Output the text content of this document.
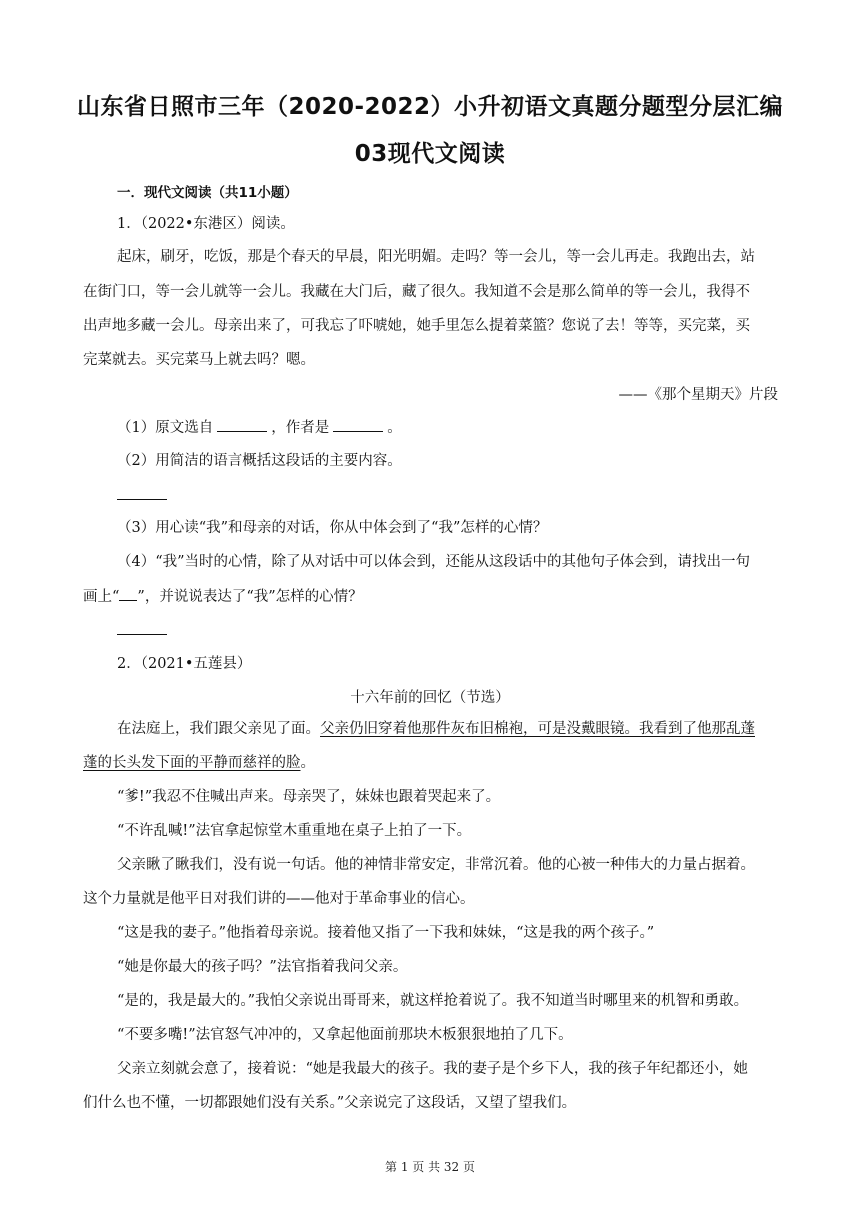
山东省日照市三年（2020-2022）小升初语文真题分题型分层汇编
03现代文阅读
一．现代文阅读（共11小题）
1．（2022•东港区）阅读。
起床，刷牙，吃饭，那是个春天的早晨，阳光明媚。走吗？等一会儿，等一会儿再走。我跑出去，站
在街门口，等一会儿就等一会儿。我藏在大门后，藏了很久。我知道不会是那么简单的等一会儿，我得不
出声地多藏一会儿。母亲出来了，可我忘了吓唬她，她手里怎么提着菜篮？您说了去！等等，买完菜，买
完菜就去。买完菜马上就去吗？嗯。
——《那个星期天》片段
（1）原文选自	，作者是	。
（2）用简洁的语言概括这段话的主要内容。
（3）用心读“我”和母亲的对话，你从中体会到了“我”怎样的心情？
（4）“我”当时的心情，除了从对话中可以体会到，还能从这段话中的其他句子体会到，请找出一句
画上“ ”，并说说表达了“我”怎样的心情？
2．（2021•五莲县）
十六年前的回忆（节选）
在法庭上，我们跟父亲见了面。父亲仍旧穿着他那件灰布旧棉袍，可是没戴眼镜。我看到了他那乱蓬
蓬的长头发下面的平静而慈祥的脸。
“爹!”我忍不住喊出声来。母亲哭了，妹妹也跟着哭起来了。
“不许乱喊!”法官拿起惊堂木重重地在桌子上拍了一下。
父亲瞅了瞅我们，没有说一句话。他的神情非常安定，非常沉着。他的心被一种伟大的力量占据着。
这个力量就是他平日对我们讲的——他对于革命事业的信心。
“这是我的妻子。”他指着母亲说。接着他又指了一下我和妹妹，“这是我的两个孩子。”
“她是你最大的孩子吗？”法官指着我问父亲。
“是的，我是最大的。”我怕父亲说出哥哥来，就这样抢着说了。我不知道当时哪里来的机智和勇敢。
“不要多嘴!”法官怒气冲冲的，又拿起他面前那块木板狠狠地拍了几下。
父亲立刻就会意了，接着说：“她是我最大的孩子。我的妻子是个乡下人，我的孩子年纪都还小，她
们什么也不懂，一切都跟她们没有关系。”父亲说完了这段话，又望了望我们。
第 1 页 共 32 页
